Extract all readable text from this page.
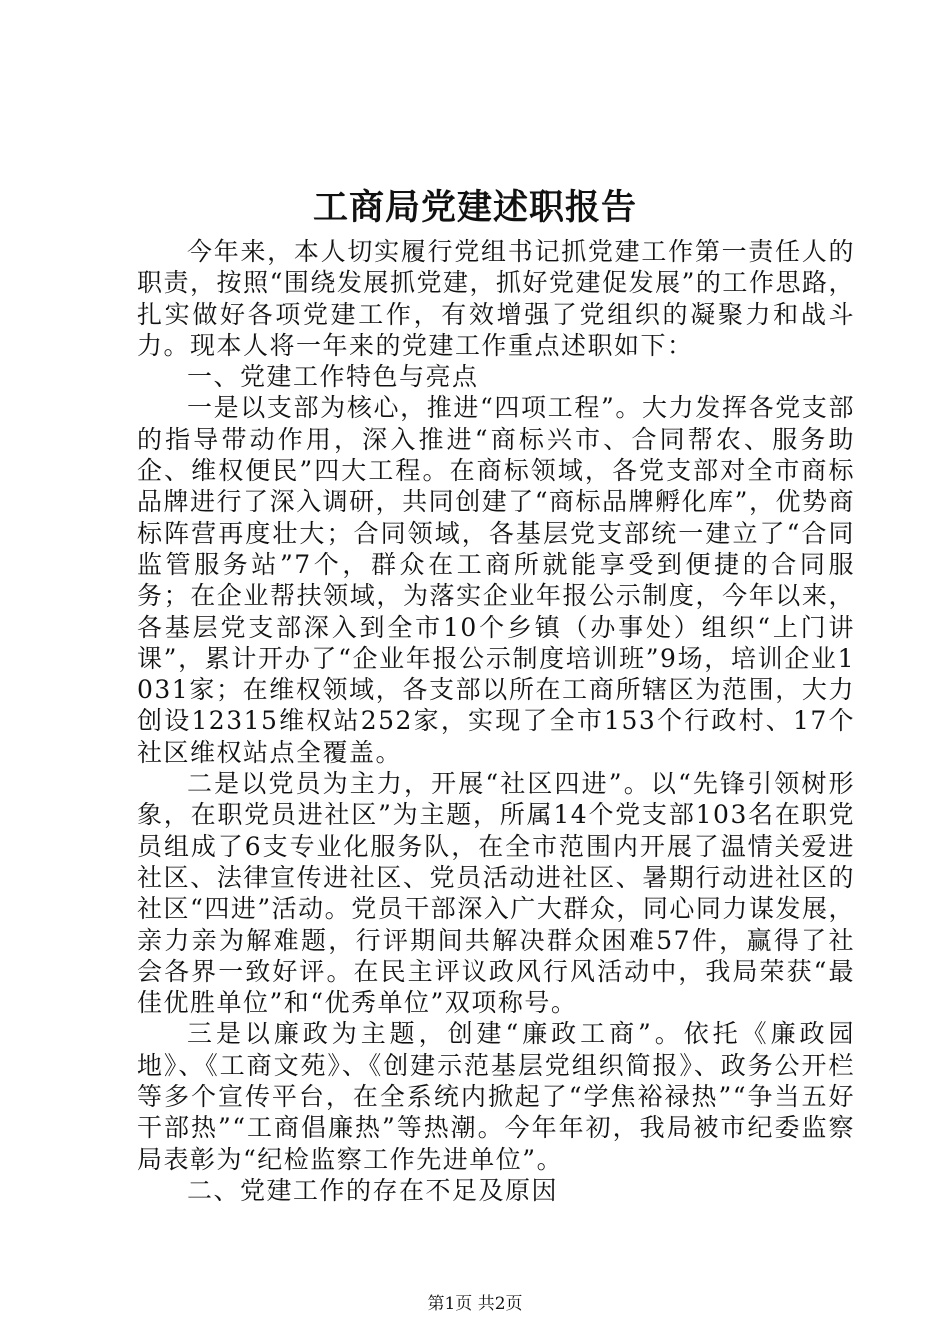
工商局党建述职报告

今年来，本人切实履行党组书记抓党建工作第一责任人的职责，按照“围绕发展抓党建，抓好党建促发展”的工作思路，扎实做好各项党建工作，有效增强了党组织的凝聚力和战斗力。现本人将一年来的党建工作重点述职如下：

一、党建工作特色与亮点

一是以支部为核心，推进“四项工程”。大力发挥各党支部的指导带动作用，深入推进“商标兴市、合同帮农、服务助企、维权便民”四大工程。在商标领域，各党支部对全市商标品牌进行了深入调研，共同创建了“商标品牌孵化库”，优势商标阵营再度壮大；合同领域，各基层党支部统一建立了“合同监管服务站”7个，群众在工商所就能享受到便捷的合同服务；在企业帮扶领域，为落实企业年报公示制度，今年以来，各基层党支部深入到全市10个乡镇（办事处）组织“上门讲课”，累计开办了“企业年报公示制度培训班”9场，培训企业1031家；在维权领域，各支部以所在工商所辖区为范围，大力创设12315维权站252家，实现了全市153个行政村、17个社区维权站点全覆盖。

二是以党员为主力，开展“社区四进”。以“先锋引领树形象，在职党员进社区”为主题，所属14个党支部103名在职党员组成了6支专业化服务队，在全市范围内开展了温情关爱进社区、法律宣传进社区、党员活动进社区、暑期行动进社区的社区“四进”活动。党员干部深入广大群众，同心同力谋发展，亲力亲为解难题，行评期间共解决群众困难57件，赢得了社会各界一致好评。在民主评议政风行风活动中，我局荣获“最佳优胜单位”和“优秀单位”双项称号。

三是以廉政为主题，创建“廉政工商”。依托《廉政园地》、《工商文苑》、《创建示范基层党组织简报》、政务公开栏等多个宣传平台，在全系统内掀起了“学焦裕禄热”“争当五好干部热”“工商倡廉热”等热潮。今年年初，我局被市纪委监察局表彰为“纪检监察工作先进单位”。

二、党建工作的存在不足及原因

第1页 共2页
